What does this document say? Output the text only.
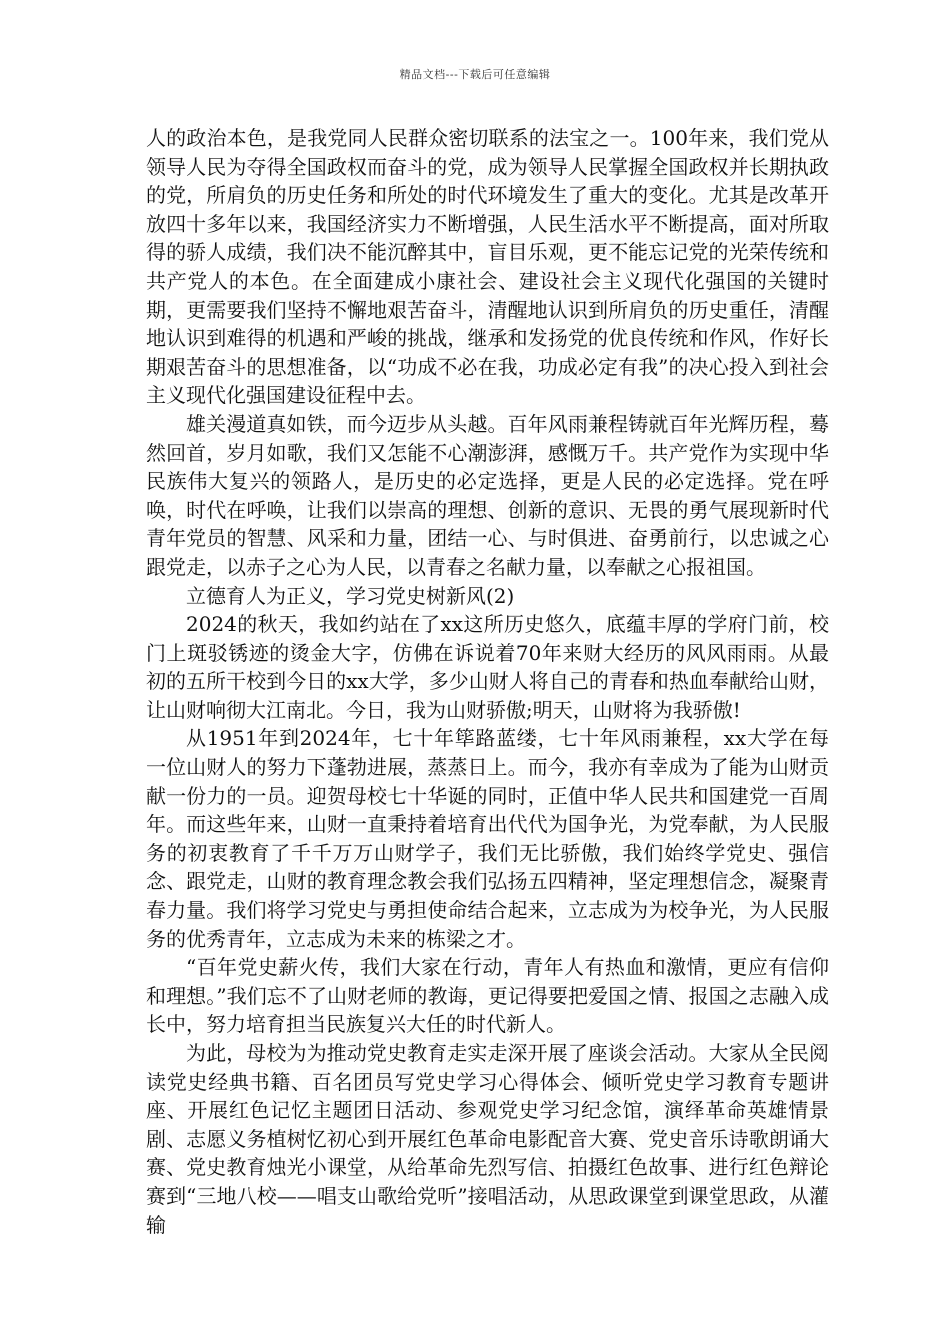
精品文档---下载后可任意编辑

人的政治本色，是我党同人民群众密切联系的法宝之一。100年来，我们党从领导人民为夺得全国政权而奋斗的党，成为领导人民掌握全国政权并长期执政的党，所肩负的历史任务和所处的时代环境发生了重大的变化。尤其是改革开放四十多年以来，我国经济实力不断增强，人民生活水平不断提高，面对所取得的骄人成绩，我们决不能沉醉其中，盲目乐观，更不能忘记党的光荣传统和共产党人的本色。在全面建成小康社会、建设社会主义现代化强国的关键时期，更需要我们坚持不懈地艰苦奋斗，清醒地认识到所肩负的历史重任，清醒地认识到难得的机遇和严峻的挑战，继承和发扬党的优良传统和作风，作好长期艰苦奋斗的思想准备，以“功成不必在我，功成必定有我”的决心投入到社会主义现代化强国建设征程中去。

雄关漫道真如铁，而今迈步从头越。百年风雨兼程铸就百年光辉历程，蓦然回首，岁月如歌，我们又怎能不心潮澎湃，感慨万千。共产党作为实现中华民族伟大复兴的领路人，是历史的必定选择，更是人民的必定选择。党在呼唤，时代在呼唤，让我们以崇高的理想、创新的意识、无畏的勇气展现新时代青年党员的智慧、风采和力量，团结一心、与时俱进、奋勇前行，以忠诚之心跟党走，以赤子之心为人民，以青春之名献力量，以奉献之心报祖国。

立德育人为正义，学习党史树新风(2)

2024的秋天，我如约站在了xx这所历史悠久，底蕴丰厚的学府门前，校门上斑驳锈迹的烫金大字，仿佛在诉说着70年来财大经历的风风雨雨。从最初的五所干校到今日的xx大学，多少山财人将自己的青春和热血奉献给山财，让山财响彻大江南北。今日，我为山财骄傲;明天，山财将为我骄傲!

从1951年到2024年，七十年筚路蓝缕，七十年风雨兼程，xx大学在每一位山财人的努力下蓬勃进展，蒸蒸日上。而今，我亦有幸成为了能为山财贡献一份力的一员。迎贺母校七十华诞的同时，正值中华人民共和国建党一百周年。而这些年来，山财一直秉持着培育出代代为国争光，为党奉献，为人民服务的初衷教育了千千万万山财学子，我们无比骄傲，我们始终学党史、强信念、跟党走，山财的教育理念教会我们弘扬五四精神，坚定理想信念，凝聚青春力量。我们将学习党史与勇担使命结合起来，立志成为为校争光，为人民服务的优秀青年，立志成为未来的栋梁之才。

“百年党史薪火传，我们大家在行动，青年人有热血和激情，更应有信仰和理想。”我们忘不了山财老师的教诲，更记得要把爱国之情、报国之志融入成长中，努力培育担当民族复兴大任的时代新人。

为此，母校为为推动党史教育走实走深开展了座谈会活动。大家从全民阅读党史经典书籍、百名团员写党史学习心得体会、倾听党史学习教育专题讲座、开展红色记忆主题团日活动、参观党史学习纪念馆，演绎革命英雄情景剧、志愿义务植树忆初心到开展红色革命电影配音大赛、党史音乐诗歌朗诵大赛、党史教育烛光小课堂，从给革命先烈写信、拍摄红色故事、进行红色辩论赛到“三地八校——唱支山歌给党听”接唱活动，从思政课堂到课堂思政，从灌输
